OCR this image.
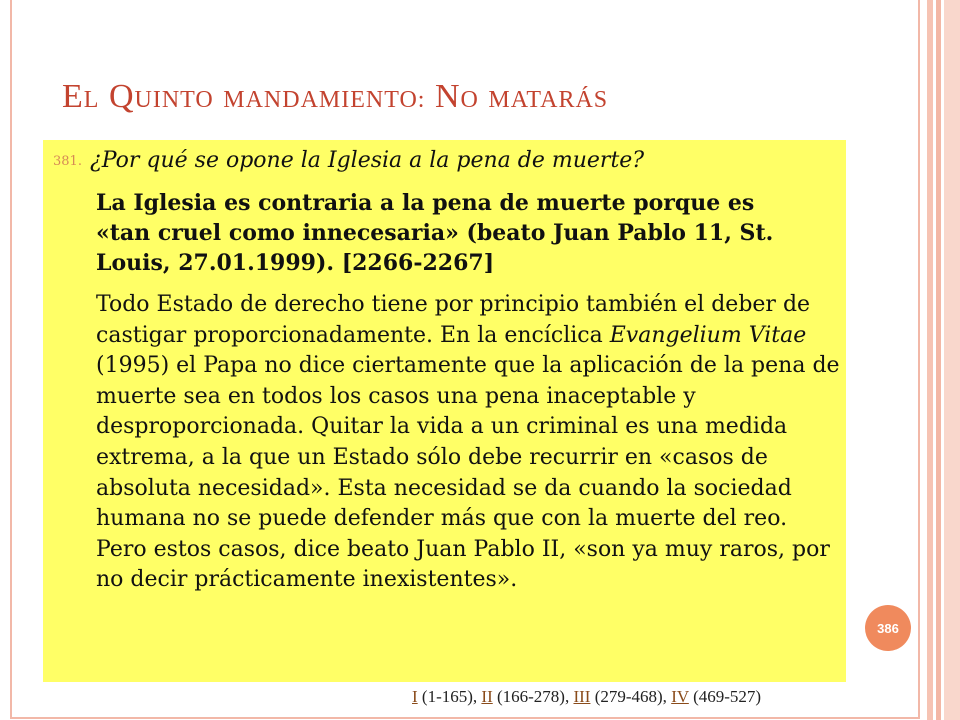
EL QUINTO MANDAMIENTO: NO MATARÁS
381. ¿Por qué se opone la Iglesia a la pena de muerte?
La Iglesia es contraria a la pena de muerte porque es «tan cruel como innecesaria» (beato Juan Pablo 11, St. Louis, 27.01.1999). [2266-2267]
Todo Estado de derecho tiene por principio también el deber de castigar proporcionadamente. En la encíclica Evangelium Vitae (1995) el Papa no dice ciertamente que la aplicación de la pena de muerte sea en todos los casos una pena inaceptable y desproporcionada. Quitar la vida a un criminal es una medida extrema, a la que un Estado sólo debe recurrir en «casos de absoluta necesidad». Esta necesidad se da cuando la sociedad humana no se puede defender más que con la muerte del reo. Pero estos casos, dice beato Juan Pablo II, «son ya muy raros, por no decir prácticamente inexistentes».
386
I (1-165), II (166-278), III (279-468), IV (469-527)
